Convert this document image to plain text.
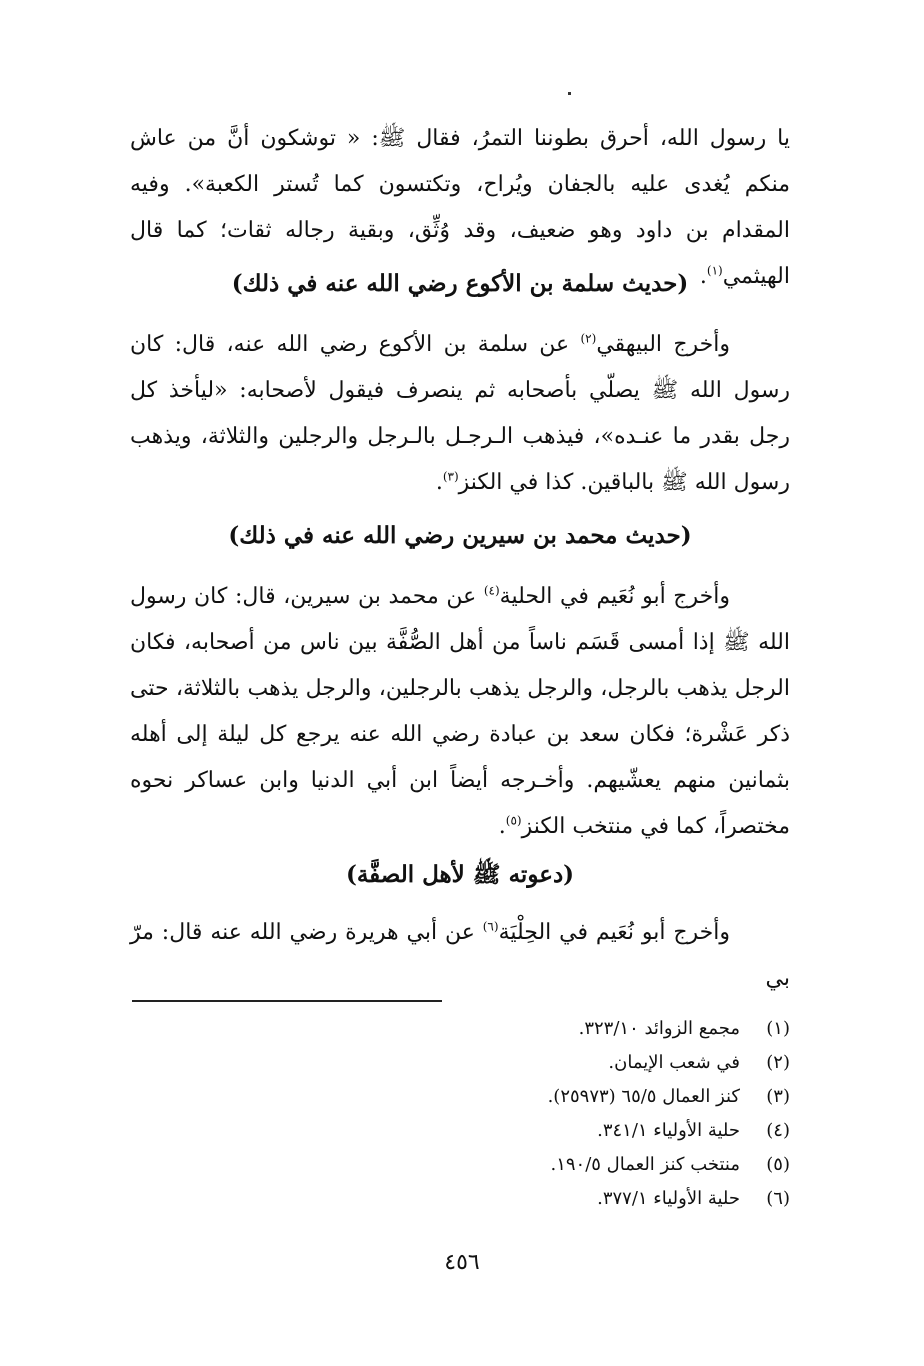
يا رسول الله، أحرق بطوننا التمرُ، فقال ﷺ: « توشكون أنَّ من عاش منكم يُغدى عليه بالجفان ويُراح، وتكتسون كما تُستر الكعبة». وفيه المقدام بن داود وهو ضعيف، وقد وُثِّق، وبقية رجاله ثقات؛ كما قال الهيثمي$^{(١)}$.

(حديث سلمة بن الأكوع رضي الله عنه في ذلك)

وأخرج البيهقي$^{(٢)}$ عن سلمة بن الأكوع رضي الله عنه، قال: كان رسول الله ﷺ يصلّي بأصحابه ثم ينصرف فيقول لأصحابه: «ليأخذ كل رجل بقدر ما عنـده»، فيذهب الـرجـل بالـرجل والرجلين والثلاثة، ويذهب رسول الله ﷺ بالباقين. كذا في الكنز$^{(٣)}$.

(حديث محمد بن سيرين رضي الله عنه في ذلك)

وأخرج أبو نُعَيم في الحلية$^{(٤)}$ عن محمد بن سيرين، قال: كان رسول الله ﷺ إذا أمسى قَسَم ناساً من أهل الصُّفَّة بين ناس من أصحابه، فكان الرجل يذهب بالرجل، والرجل يذهب بالرجلين، والرجل يذهب بالثلاثة، حتى ذكر عَشْرة؛ فكان سعد بن عبادة رضي الله عنه يرجع كل ليلة إلى أهله بثمانين منهم يعشّيهم. وأخـرجه أيضاً ابن أبي الدنيا وابن عساكر نحوه مختصراً، كما في منتخب الكنز$^{(٥)}$.

(دعوته ﷺ لأهل الصفَّة)

وأخرج أبو نُعَيم في الحِلْيَة$^{(٦)}$ عن أبي هريرة رضي الله عنه قال: مرّ بي

(١)مجمع الزوائد ٣٢٣/١٠.
(٢)في شعب الإيمان.
(٣)كنز العمال ٦٥/٥ (٢٥٩٧٣).
(٤)حلية الأولياء ٣٤١/١.
(٥)منتخب كنز العمال ١٩٠/٥.
(٦)حلية الأولياء ٣٧٧/١.
٤٥٦
